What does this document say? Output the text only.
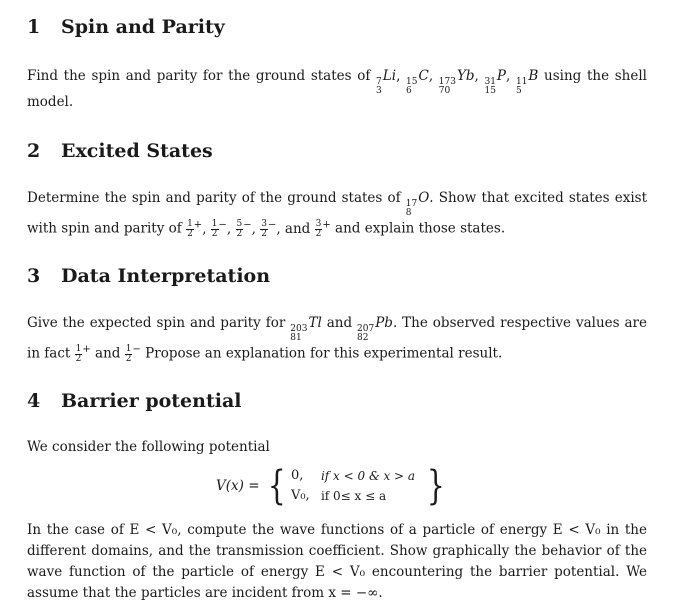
1 Spin and Parity

Find the spin and parity for the ground states of 7
3
Li , 15
6
C , 173
70
Yb , 31
15
P , 11
5
B using the shell model.

2 Excited States

Determine the spin and parity of the ground states of 17
8
O . Show that excited states exist with spin and parity of $\frac{1}{2} ^+$, $\frac{1}{2} ^-$, $\frac{5}{2} ^-$, $\frac{3}{2} ^-$, and $\frac{3}{2} ^+$ and explain those states.

3 Data Interpretation

Give the expected spin and parity for 203
81
Tl and 207
82
Pb . The observed respective values are in fact $\frac{1}{2} ^+$ and $\frac{1}{2} ^-$ Propose an explanation for this experimental result.

4 Barrier potential

We consider the following potential

V(x) = { 0,	if x < 0 & x > a
V₀, if 0≤ x ≤ a }

In the case of E < V₀, compute the wave functions of a particle of energy E < V₀ in the different domains, and the transmission coefficient. Show graphically the behavior of the wave function of the particle of energy E < V₀ encountering the barrier potential. We assume that the particles are incident from x = −∞.
